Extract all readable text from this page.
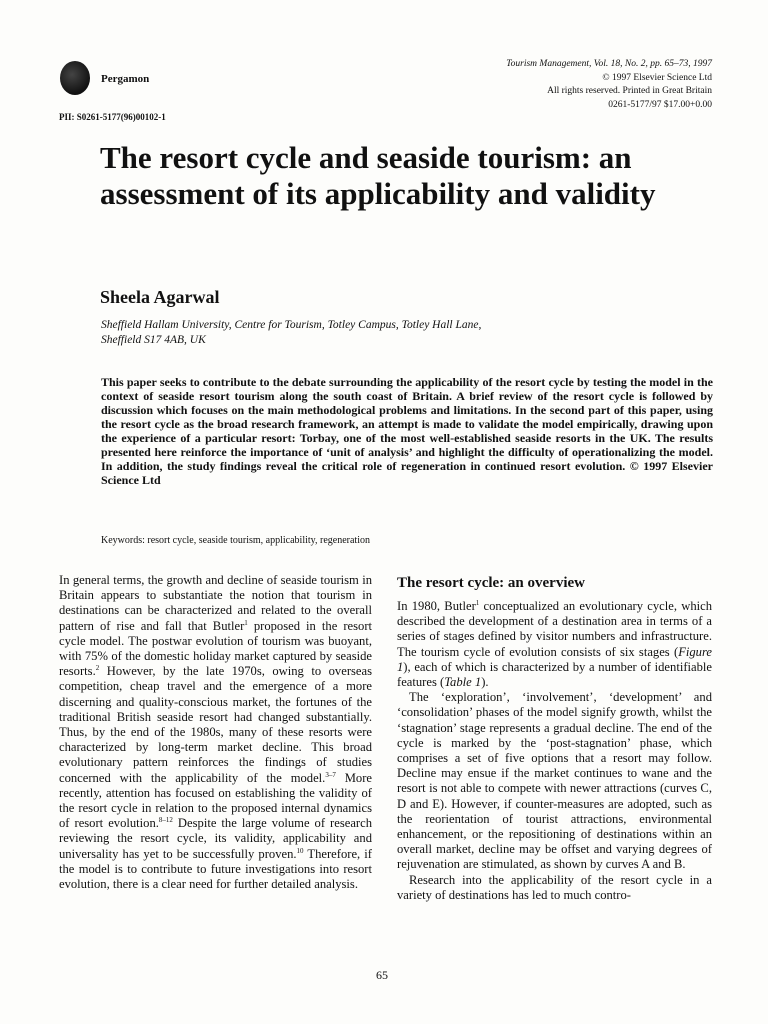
Pergamon
Tourism Management, Vol. 18, No. 2, pp. 65–73, 1997
© 1997 Elsevier Science Ltd
All rights reserved. Printed in Great Britain
0261-5177/97 $17.00+0.00
PII: S0261-5177(96)00102-1
The resort cycle and seaside tourism: an assessment of its applicability and validity
Sheela Agarwal
Sheffield Hallam University, Centre for Tourism, Totley Campus, Totley Hall Lane,
Sheffield S17 4AB, UK

This paper seeks to contribute to the debate surrounding the applicability of the resort cycle by testing the model in the context of seaside resort tourism along the south coast of Britain. A brief review of the resort cycle is followed by discussion which focuses on the main methodological problems and limitations. In the second part of this paper, using the resort cycle as the broad research framework, an attempt is made to validate the model empirically, drawing upon the experience of a particular resort: Torbay, one of the most well-established seaside resorts in the UK. The results presented here reinforce the importance of ‘unit of analysis’ and highlight the difficulty of operationalizing the model. In addition, the study findings reveal the critical role of regeneration in continued resort evolution. © 1997 Elsevier Science Ltd

Keywords: resort cycle, seaside tourism, applicability, regeneration

In general terms, the growth and decline of seaside tourism in Britain appears to substantiate the notion that tourism in destinations can be characterized and related to the overall pattern of rise and fall that Butler$^1$ proposed in the resort cycle model. The postwar evolution of tourism was buoyant, with 75% of the domestic holiday market captured by seaside resorts.$^2$ However, by the late 1970s, owing to overseas competition, cheap travel and the emergence of a more discerning and quality-conscious market, the fortunes of the traditional British seaside resort had changed substantially. Thus, by the end of the 1980s, many of these resorts were characterized by long-term market decline. This broad evolutionary pattern reinforces the findings of studies concerned with the applicability of the model.$^{3-7}$ More recently, attention has focused on establishing the validity of the resort cycle in relation to the proposed internal dynamics of resort evolution.$^{8-12}$ Despite the large volume of research reviewing the resort cycle, its validity, applicability and universality has yet to be successfully proven.$^{10}$ Therefore, if the model is to contribute to future investigations into resort evolution, there is a clear need for further detailed analysis.

The resort cycle: an overview

In 1980, Butler$^1$ conceptualized an evolutionary cycle, which described the development of a destination area in terms of a series of stages defined by visitor numbers and infrastructure. The tourism cycle of evolution consists of six stages (Figure 1), each of which is characterized by a number of identifiable features (Table 1).

The ‘exploration’, ‘involvement’, ‘development’ and ‘consolidation’ phases of the model signify growth, whilst the ‘stagnation’ stage represents a gradual decline. The end of the cycle is marked by the ‘post-stagnation’ phase, which comprises a set of five options that a resort may follow. Decline may ensue if the market continues to wane and the resort is not able to compete with newer attractions (curves C, D and E). However, if counter-measures are adopted, such as the reorientation of tourist attractions, environmental enhancement, or the repositioning of destinations within an overall market, decline may be offset and varying degrees of rejuvenation are stimulated, as shown by curves A and B.

Research into the applicability of the resort cycle in a variety of destinations has led to much contro-

65
